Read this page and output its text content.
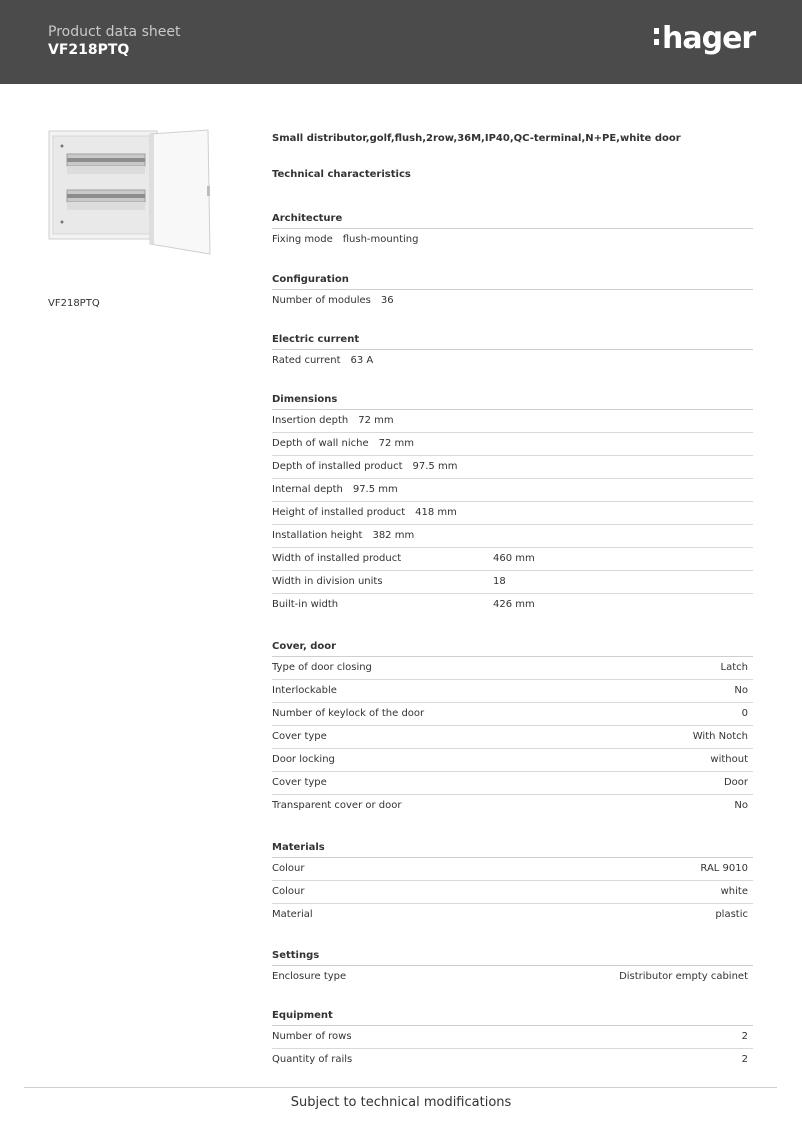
Product data sheet
VF218PTQ	hager
VF218PTQ
Small distributor,golf,flush,2row,36M,IP40,QC-terminal,N+PE,white door
Technical characteristics
Architecture
Fixing mode flush-mounting
Configuration
Number of modules 36
Electric current
Rated current 63 A
Dimensions
Insertion depth 72 mm
Depth of wall niche 72 mm
Depth of installed product 97.5 mm
Internal depth 97.5 mm
Height of installed product 418 mm
Installation height 382 mm
Width of installed product	460 mm
Width in division units	18
Built-in width	426 mm
Cover, door
Type of door closing	Latch
Interlockable	No
Number of keylock of the door	0
Cover type	With Notch
Door locking	without
Cover type	Door
Transparent cover or door	No
Materials
Colour	RAL 9010
Colour	white
Material	plastic
Settings
Enclosure type	Distributor empty cabinet
Equipment
Number of rows	2
Quantity of rails	2
Subject to technical modifications
